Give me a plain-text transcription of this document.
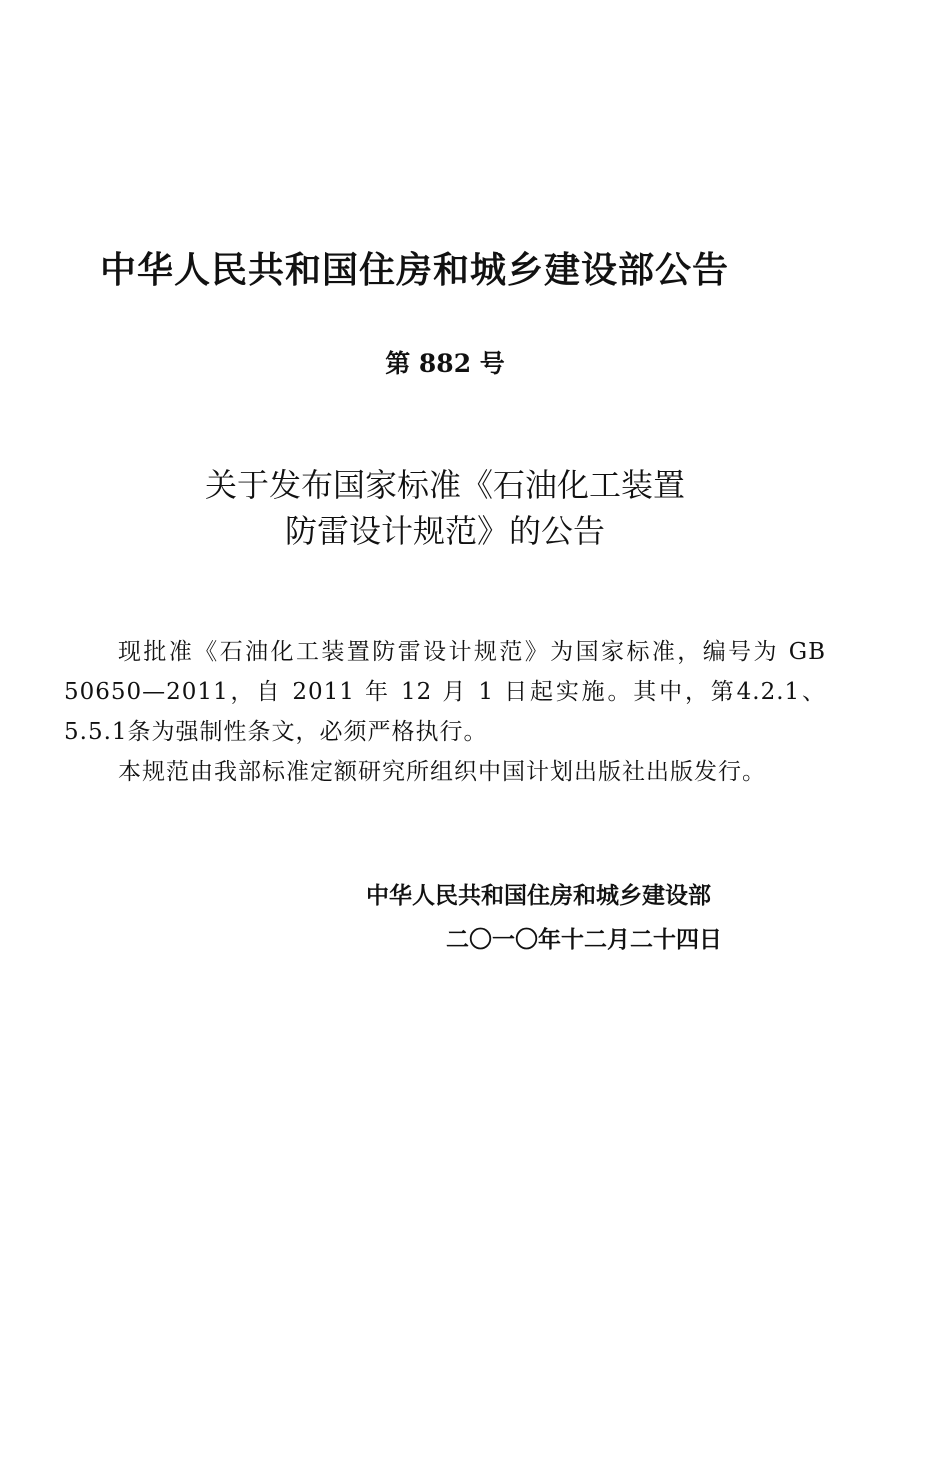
中华人民共和国住房和城乡建设部公告
第 882 号
关于发布国家标准《石油化工装置
防雷设计规范》的公告

现批准《石油化工装置防雷设计规范》为国家标准，编号为 GB 50650—2011，自 2011 年 12 月 1 日起实施。其中，第4.2.1、5.5.1条为强制性条文，必须严格执行。

本规范由我部标准定额研究所组织中国计划出版社出版发行。

中华人民共和国住房和城乡建设部
二〇一〇年十二月二十四日
